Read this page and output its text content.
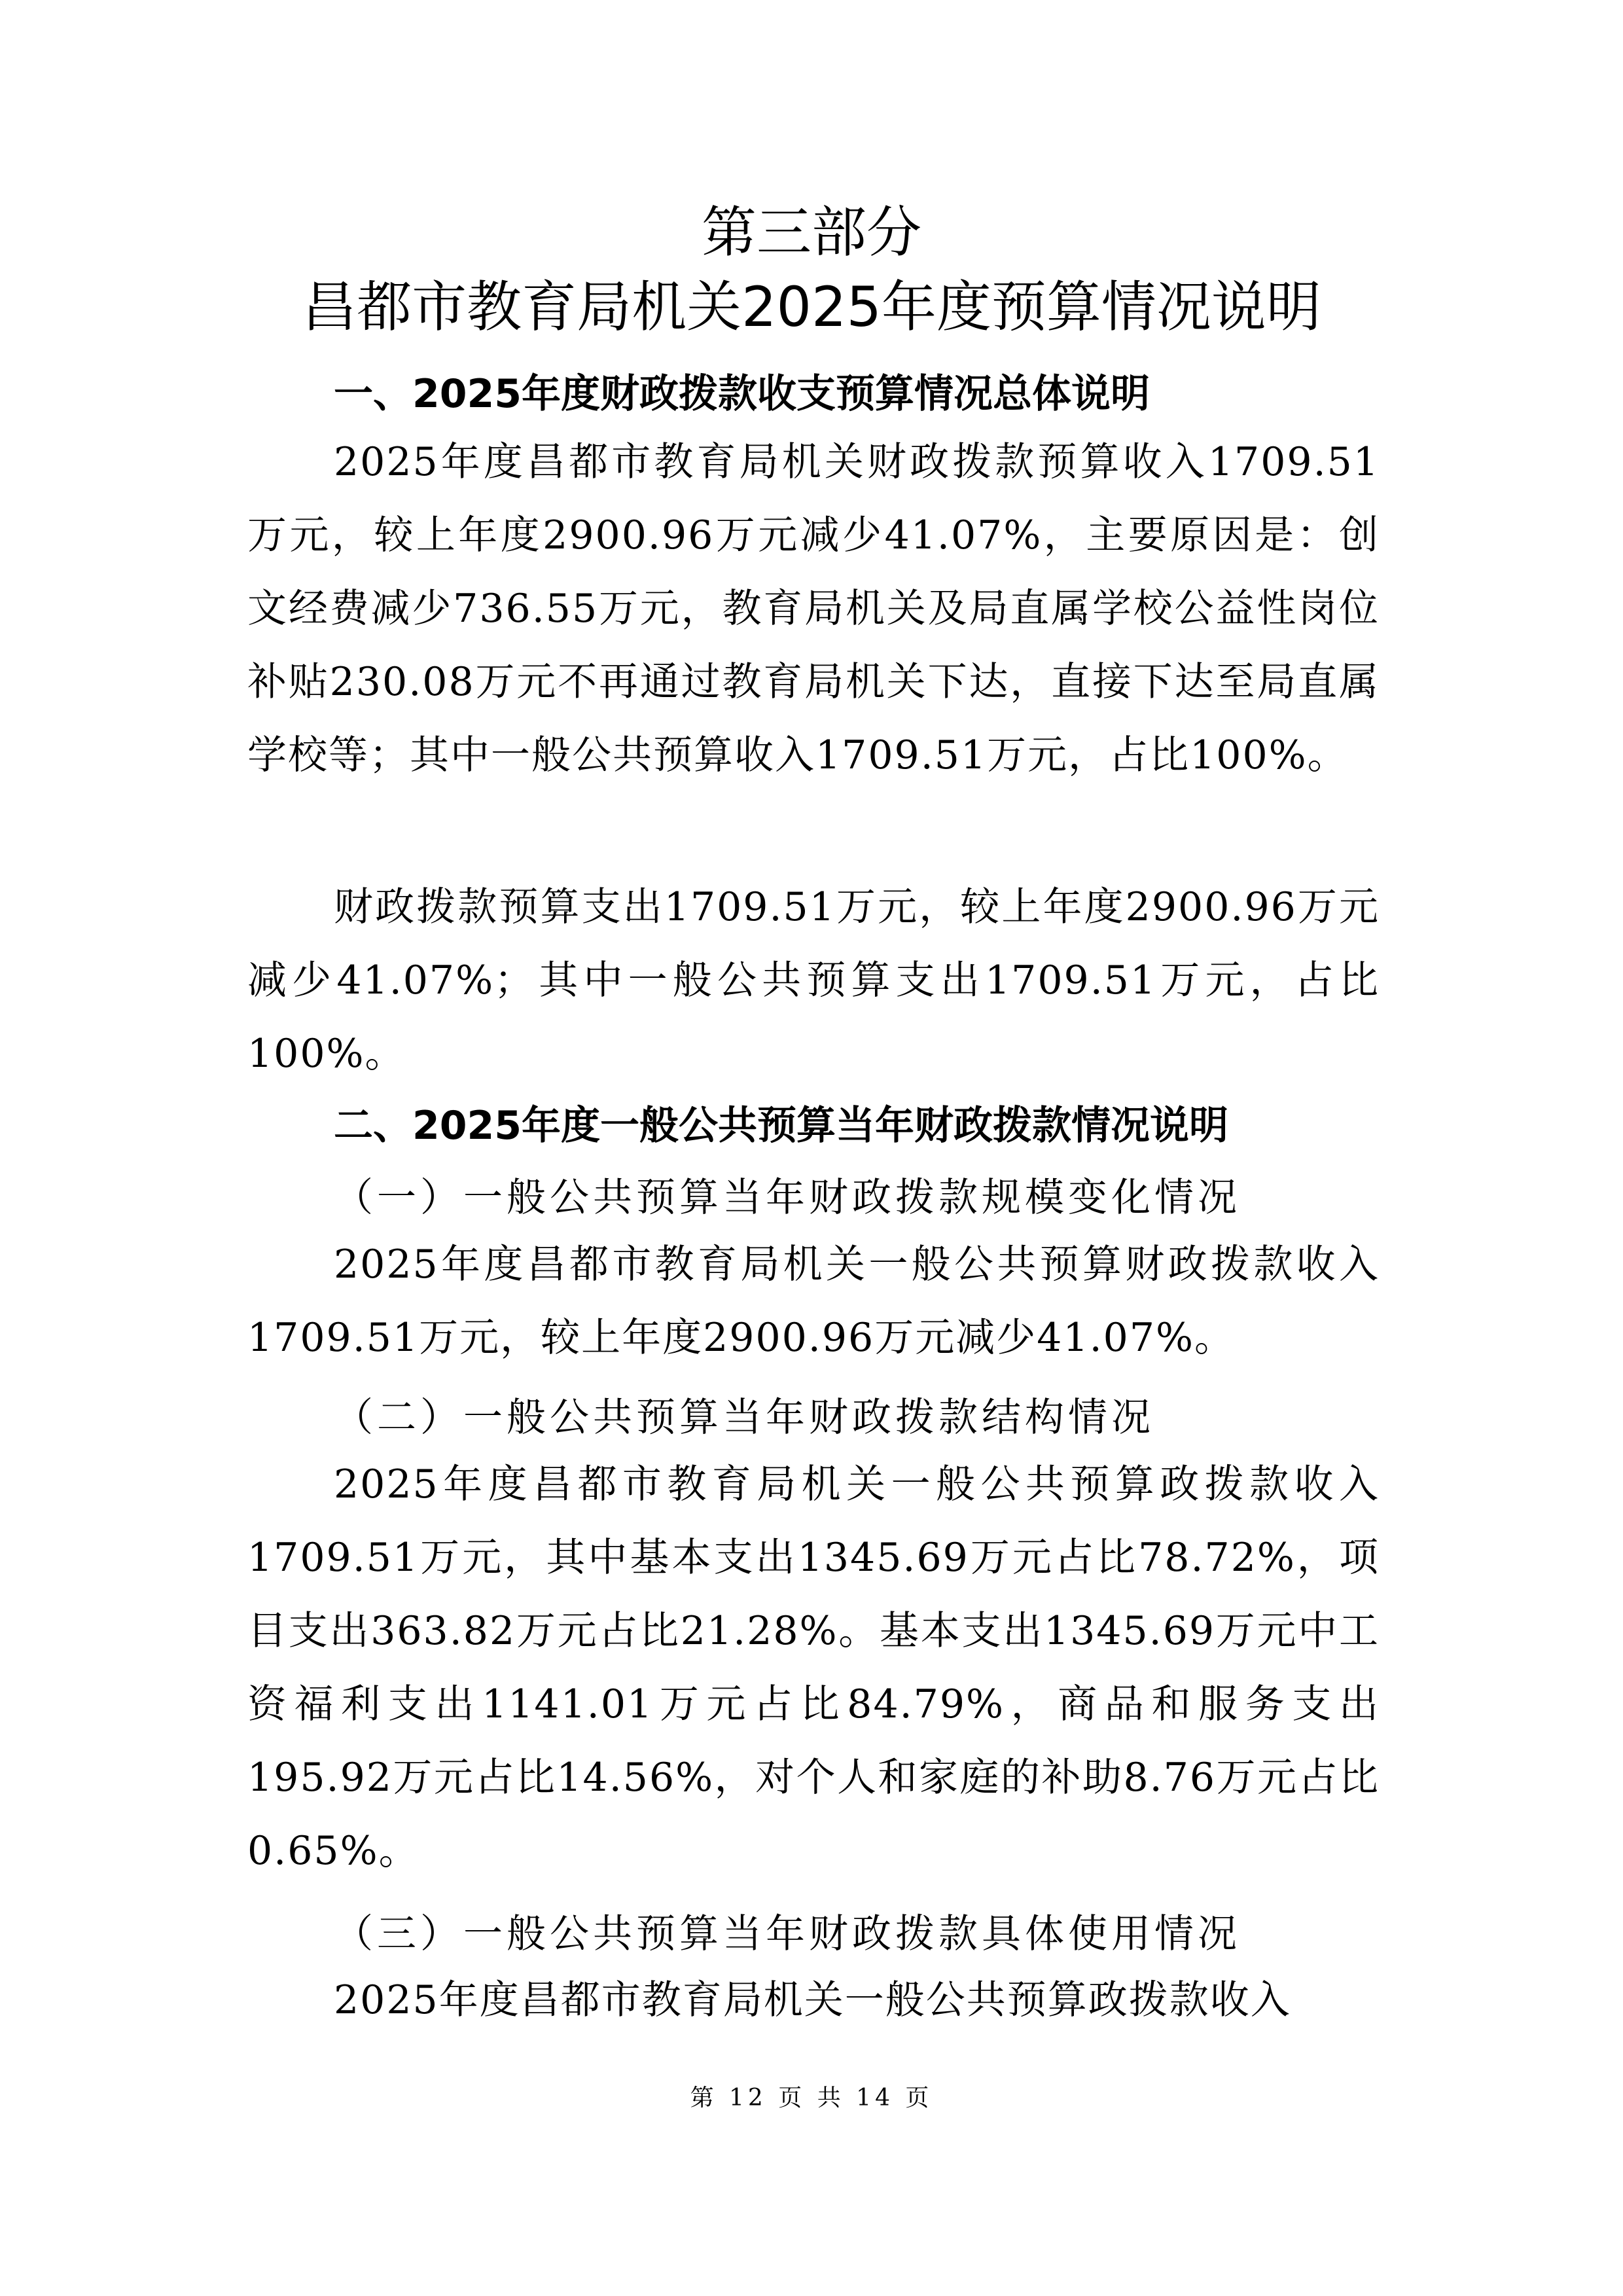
第三部分
昌都市教育局机关2025年度预算情况说明
一、2025年度财政拨款收支预算情况总体说明

2025年度昌都市教育局机关财政拨款预算收入1709.51万元，较上年度2900.96万元减少41.07%，主要原因是：创文经费减少736.55万元，教育局机关及局直属学校公益性岗位补贴230.08万元不再通过教育局机关下达，直接下达至局直属学校等；其中一般公共预算收入1709.51万元，占比100%。

财政拨款预算支出1709.51万元，较上年度2900.96万元减少41.07%；其中一般公共预算支出1709.51万元，占比100%。

二、2025年度一般公共预算当年财政拨款情况说明
（一）一般公共预算当年财政拨款规模变化情况

2025年度昌都市教育局机关一般公共预算财政拨款收入1709.51万元，较上年度2900.96万元减少41.07%。

（二）一般公共预算当年财政拨款结构情况

2025年度昌都市教育局机关一般公共预算政拨款收入1709.51万元，其中基本支出1345.69万元占比78.72%，项目支出363.82万元占比21.28%。基本支出1345.69万元中工资福利支出1141.01万元占比84.79%，商品和服务支出195.92万元占比14.56%，对个人和家庭的补助8.76万元占比0.65%。

（三）一般公共预算当年财政拨款具体使用情况

2025年度昌都市教育局机关一般公共预算政拨款收入

第 12 页 共 14 页
